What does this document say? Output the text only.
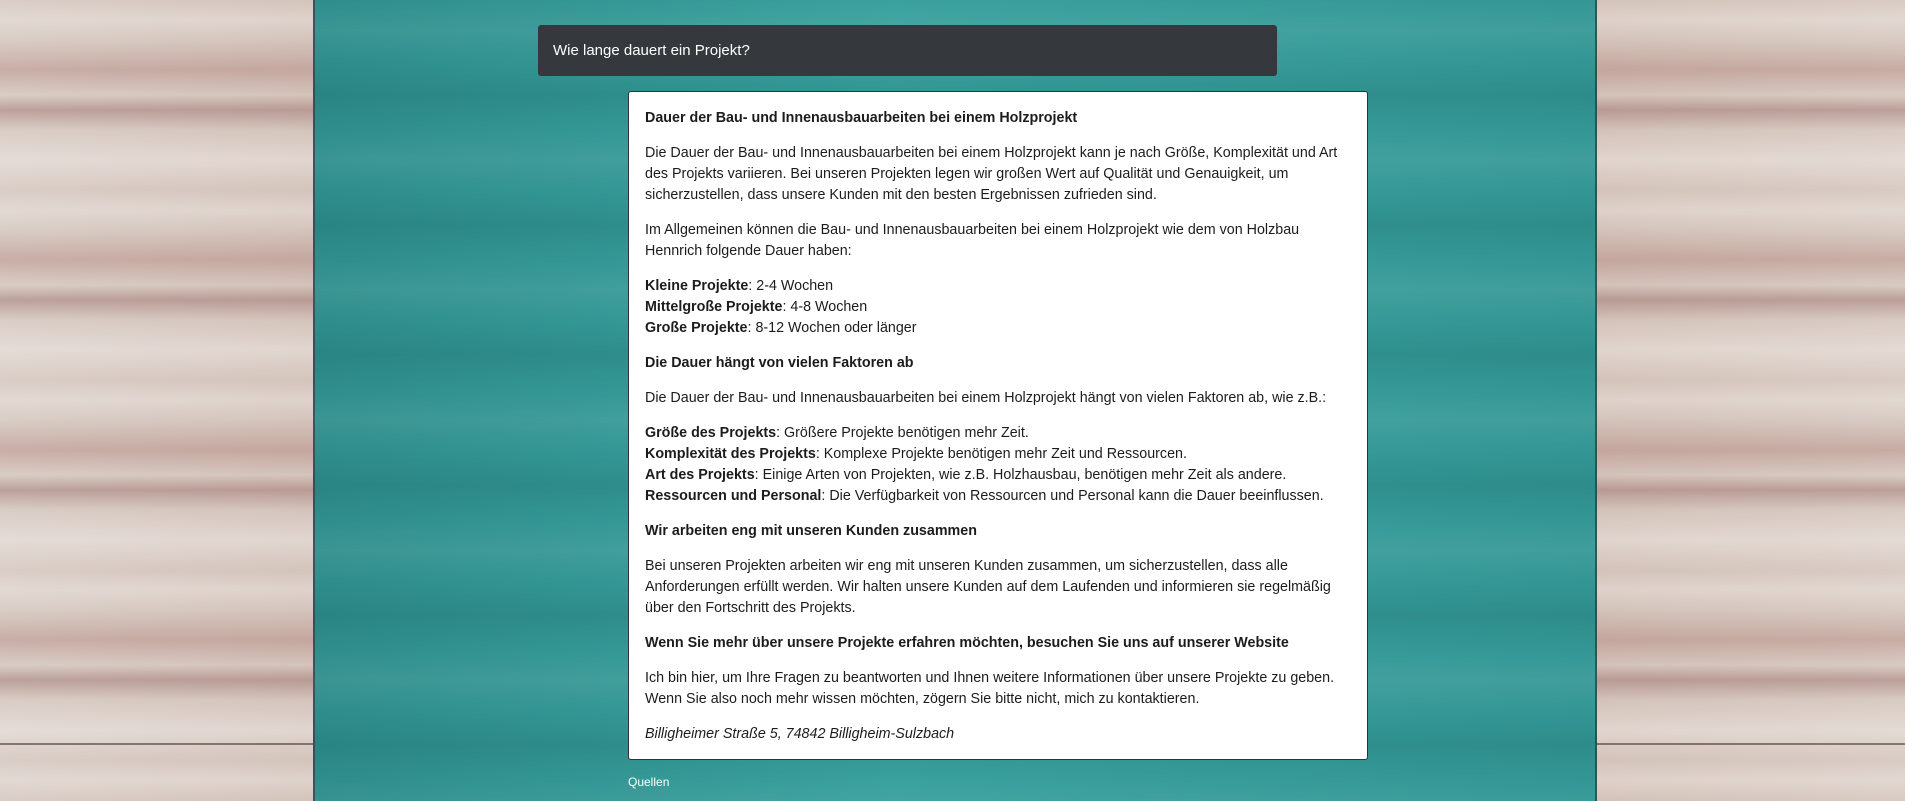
Wie lange dauert ein Projekt?

Dauer der Bau- und Innenausbauarbeiten bei einem Holzprojekt

Die Dauer der Bau- und Innenausbauarbeiten bei einem Holzprojekt kann je nach Größe, Komplexität und Art des Projekts variieren. Bei unseren Projekten legen wir großen Wert auf Qualität und Genauigkeit, um sicherzustellen, dass unsere Kunden mit den besten Ergebnissen zufrieden sind.

Im Allgemeinen können die Bau- und Innenausbauarbeiten bei einem Holzprojekt wie dem von Holzbau Hennrich folgende Dauer haben:

Kleine Projekte: 2-4 Wochen
Mittelgroße Projekte: 4-8 Wochen
Große Projekte: 8-12 Wochen oder länger

Die Dauer hängt von vielen Faktoren ab

Die Dauer der Bau- und Innenausbauarbeiten bei einem Holzprojekt hängt von vielen Faktoren ab, wie z.B.:

Größe des Projekts: Größere Projekte benötigen mehr Zeit.
Komplexität des Projekts: Komplexe Projekte benötigen mehr Zeit und Ressourcen.
Art des Projekts: Einige Arten von Projekten, wie z.B. Holzhausbau, benötigen mehr Zeit als andere.
Ressourcen und Personal: Die Verfügbarkeit von Ressourcen und Personal kann die Dauer beeinflussen.

Wir arbeiten eng mit unseren Kunden zusammen

Bei unseren Projekten arbeiten wir eng mit unseren Kunden zusammen, um sicherzustellen, dass alle Anforderungen erfüllt werden. Wir halten unsere Kunden auf dem Laufenden und informieren sie regelmäßig über den Fortschritt des Projekts.

Wenn Sie mehr über unsere Projekte erfahren möchten, besuchen Sie uns auf unserer Website

Ich bin hier, um Ihre Fragen zu beantworten und Ihnen weitere Informationen über unsere Projekte zu geben. Wenn Sie also noch mehr wissen möchten, zögern Sie bitte nicht, mich zu kontaktieren.

Billigheimer Straße 5, 74842 Billigheim-Sulzbach

Quellen
